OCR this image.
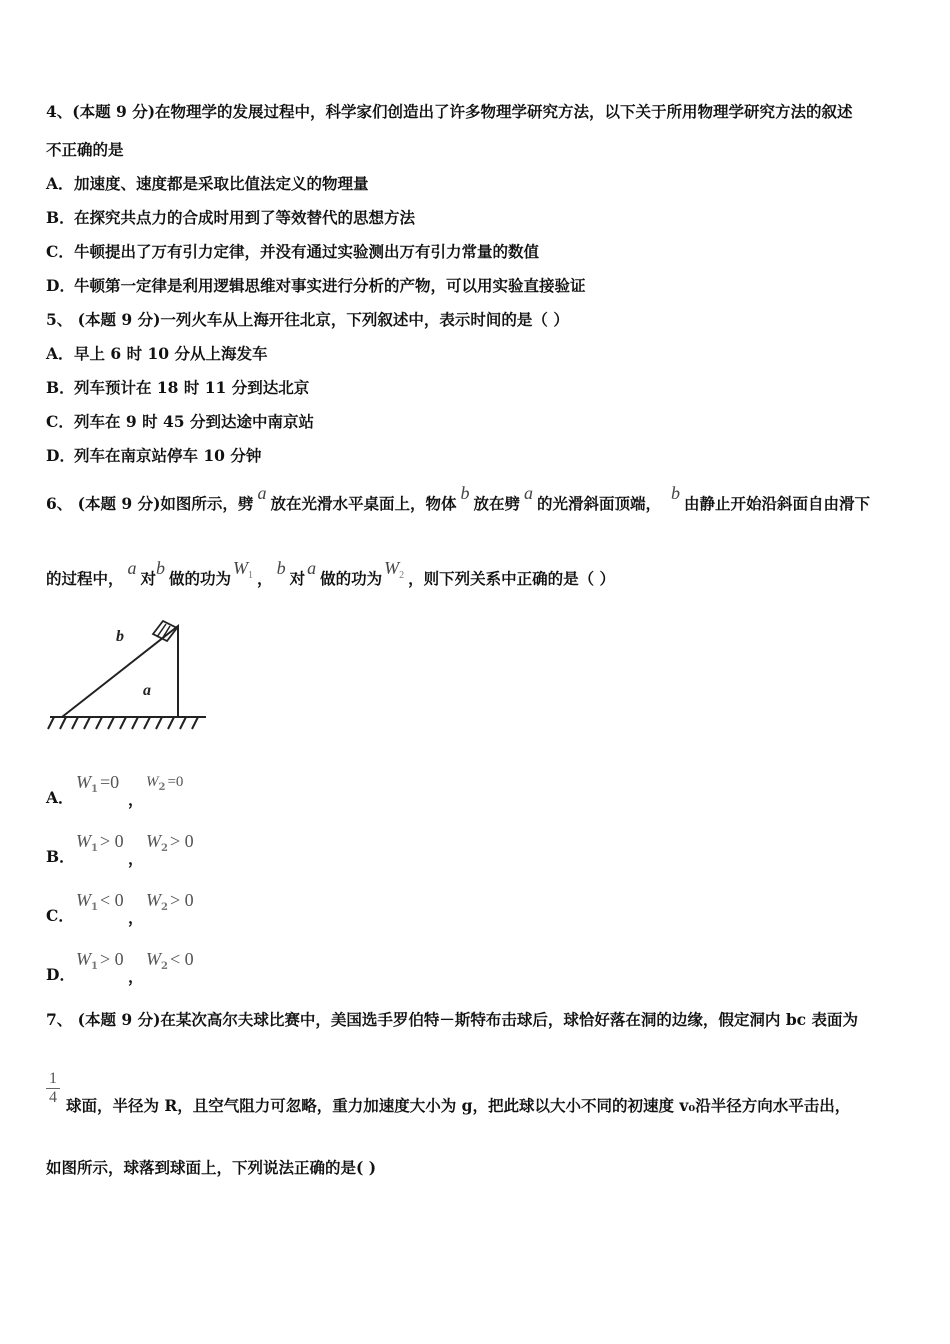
4、(本题 9 分)在物理学的发展过程中，科学家们创造出了许多物理学研究方法，以下关于所用物理学研究方法的叙述
不正确的是
A．加速度、速度都是采取比值法定义的物理量
B．在探究共点力的合成时用到了等效替代的思想方法
C．牛顿提出了万有引力定律，并没有通过实验测出万有引力常量的数值
D．牛顿第一定律是利用逻辑思维对事实进行分析的产物，可以用实验直接验证
5、 (本题 9 分)一列火车从上海开往北京，下列叙述中，表示时间的是（ ）
A．早上 6 时 10 分从上海发车
B．列车预计在 18 时 11 分到达北京
C．列车在 9 时 45 分到达途中南京站
D．列车在南京站停车 10 分钟
6、 (本题 9 分)如图所示，劈a放在光滑水平桌面上，物体b放在劈a的光滑斜面顶端，b由静止开始沿斜面自由滑下
的过程中，a对b做的功为$W_1$ ，b对a做的功为$W_2$ ，则下列关系中正确的是（ ）
b
a
A．
$W_1 =0$
，
$W_2 =0$
B．
$W_1 > 0$
，
$W_2 > 0$
C．
$W_1 < 0$
，
$W_2 > 0$
D．
$W_1 > 0$
，
$W_2 < 0$
7、 (本题 9 分)在某次高尔夫球比赛中，美国选手罗伯特－斯特布击球后，球恰好落在洞的边缘，假定洞内 bc 表面为
$\frac{1}{4}$ 球面，半径为 R，且空气阻力可忽略，重力加速度大小为 g，把此球以大小不同的初速度 v₀沿半径方向水平击出，
如图所示，球落到球面上，下列说法正确的是( )
